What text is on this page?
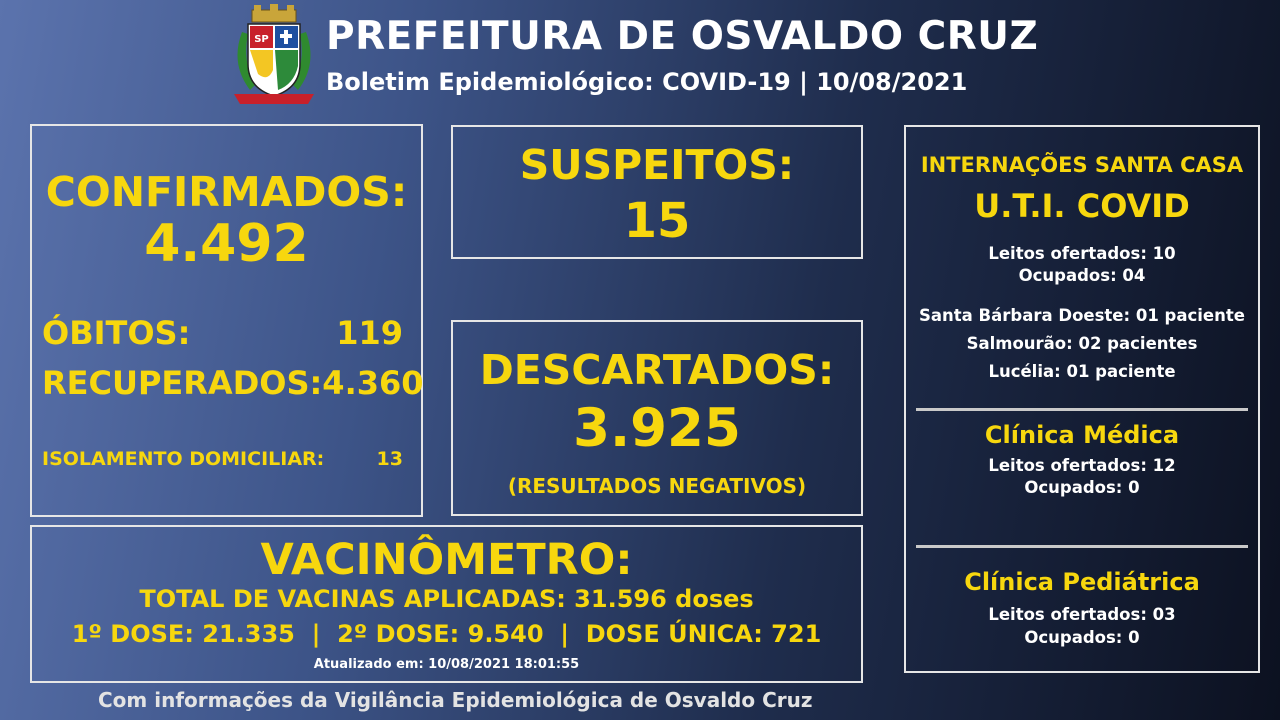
SP PREFEITURA DE OSVALDO CRUZ
Boletim Epidemiológico: COVID-19 | 10/08/2021
CONFIRMADOS:
4.492
ÓBITOS:	119
RECUPERADOS: 4.360
ISOLAMENTO DOMICILIAR:	13
SUSPEITOS:
15
DESCARTADOS:
3.925
(RESULTADOS NEGATIVOS)
VACINÔMETRO:
TOTAL DE VACINAS APLICADAS: 31.596 doses
1º DOSE: 21.335  |  2º DOSE: 9.540  |  DOSE ÚNICA: 721
Atualizado em: 10/08/2021 18:01:55
INTERNAÇÕES SANTA CASA
U.T.I. COVID
Leitos ofertados: 10
Ocupados: 04
Santa Bárbara Doeste: 01 paciente
Salmourão: 02 pacientes
Lucélia: 01 paciente
Clínica Médica
Leitos ofertados: 12
Ocupados: 0
Clínica Pediátrica
Leitos ofertados: 03
Ocupados: 0
Com informações da Vigilância Epidemiológica de Osvaldo Cruz
